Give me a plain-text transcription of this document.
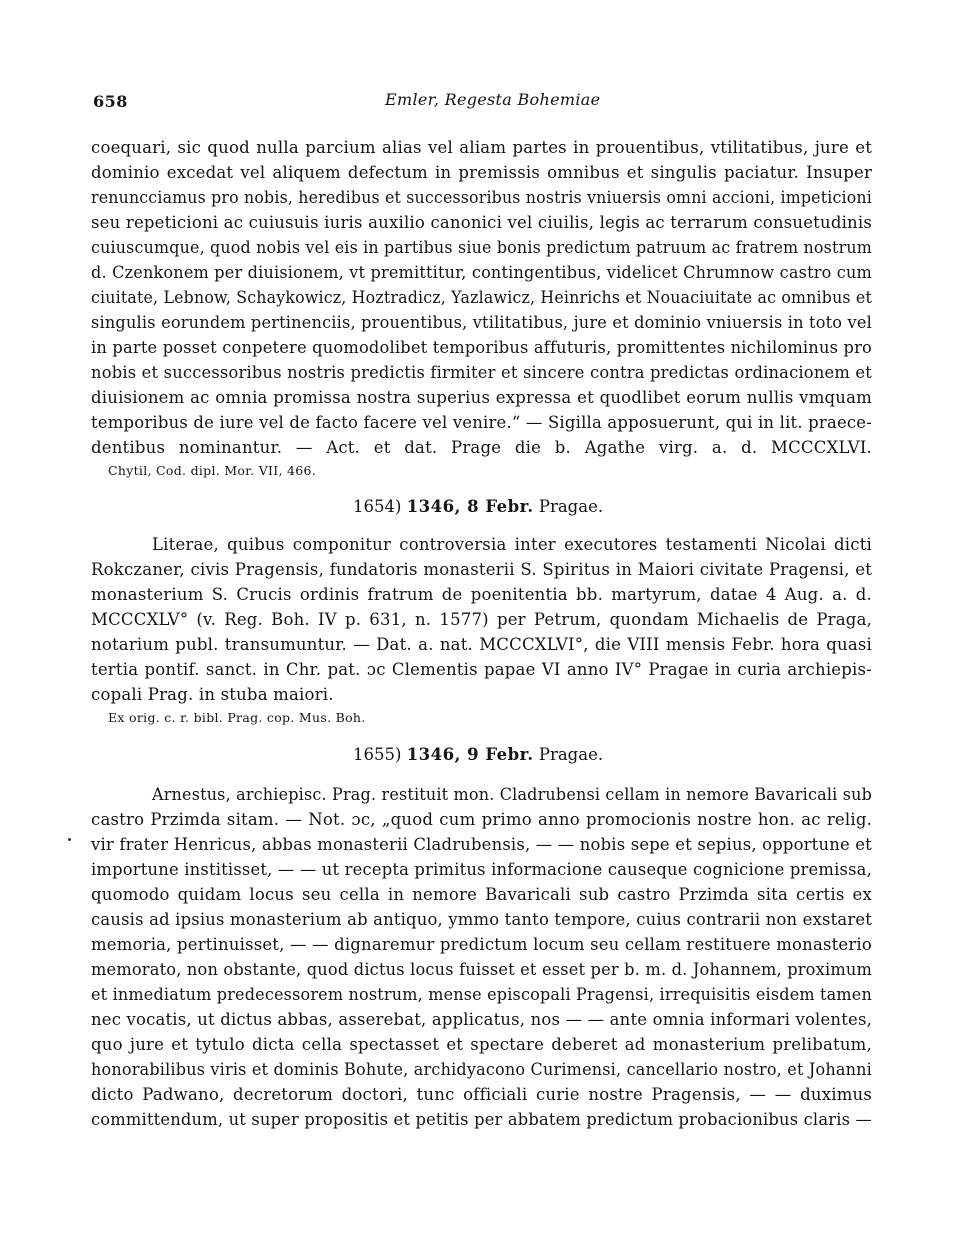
658	Emler, Regesta Bohemiae
coequari, sic quod nulla parcium alias vel aliam partes in prouentibus, vtilitatibus, jure et
dominio excedat vel aliquem defectum in premissis omnibus et singulis paciatur. Insuper
renuncciamus pro nobis, heredibus et successoribus nostris vniuersis omni accioni, impeticioni
seu repeticioni ac cuiusuis iuris auxilio canonici vel ciuilis, legis ac terrarum consuetudinis
cuiuscumque, quod nobis vel eis in partibus siue bonis predictum patruum ac fratrem nostrum
d. Czenkonem per diuisionem, vt premittitur, contingentibus, videlicet Chrumnow castro cum
ciuitate, Lebnow, Schaykowicz, Hoztradicz, Yazlawicz, Heinrichs et Nouaciuitate ac omnibus et
singulis eorundem pertinenciis, prouentibus, vtilitatibus, jure et dominio vniuersis in toto vel
in parte posset conpetere quomodolibet temporibus affuturis, promittentes nichilominus pro
nobis et successoribus nostris predictis firmiter et sincere contra predictas ordinacionem et
diuisionem ac omnia promissa nostra superius expressa et quodlibet eorum nullis vmquam
temporibus de iure vel de facto facere vel venire.“ — Sigilla apposuerunt, qui in lit. praece-
dentibus nominantur. — Act. et dat. Prage die b. Agathe virg. a. d. MCCCXLVI.
Chytil, Cod. dipl. Mor. VII, 466.
1654) 1346, 8 Febr. Pragae.
Literae, quibus componitur controversia inter executores testamenti Nicolai dicti
Rokczaner, civis Pragensis, fundatoris monasterii S. Spiritus in Maiori civitate Pragensi, et
monasterium S. Crucis ordinis fratrum de poenitentia bb. martyrum, datae 4 Aug. a. d.
MCCCXLV° (v. Reg. Boh. IV p. 631, n. 1577) per Petrum, quondam Michaelis de Praga,
notarium publ. transumuntur. — Dat. a. nat. MCCCXLVI°, die VIII mensis Febr. hora quasi
tertia pontif. sanct. in Chr. pat. ɔc Clementis papae VI anno IV° Pragae in curia archiepis-
copali Prag. in stuba maiori.
Ex orig. c. r. bibl. Prag. cop. Mus. Boh.
1655) 1346, 9 Febr. Pragae.
Arnestus, archiepisc. Prag. restituit mon. Cladrubensi cellam in nemore Bavaricali sub
castro Przimda sitam. — Not. ɔc, „quod cum primo anno promocionis nostre hon. ac relig.
vir frater Henricus, abbas monasterii Cladrubensis, — — nobis sepe et sepius, opportune et
importune institisset, — — ut recepta primitus informacione causeque cognicione premissa,
quomodo quidam locus seu cella in nemore Bavaricali sub castro Przimda sita certis ex
causis ad ipsius monasterium ab antiquo, ymmo tanto tempore, cuius contrarii non exstaret
memoria, pertinuisset, — — dignaremur predictum locum seu cellam restituere monasterio
memorato, non obstante, quod dictus locus fuisset et esset per b. m. d. Johannem, proximum
et inmediatum predecessorem nostrum, mense episcopali Pragensi, irrequisitis eisdem tamen
nec vocatis, ut dictus abbas, asserebat, applicatus, nos — — ante omnia informari volentes,
quo jure et tytulo dicta cella spectasset et spectare deberet ad monasterium prelibatum,
honorabilibus viris et dominis Bohute, archidyacono Curimensi, cancellario nostro, et Johanni
dicto Padwano, decretorum doctori, tunc officiali curie nostre Pragensis, — — duximus
committendum, ut super propositis et petitis per abbatem predictum probacionibus claris —
